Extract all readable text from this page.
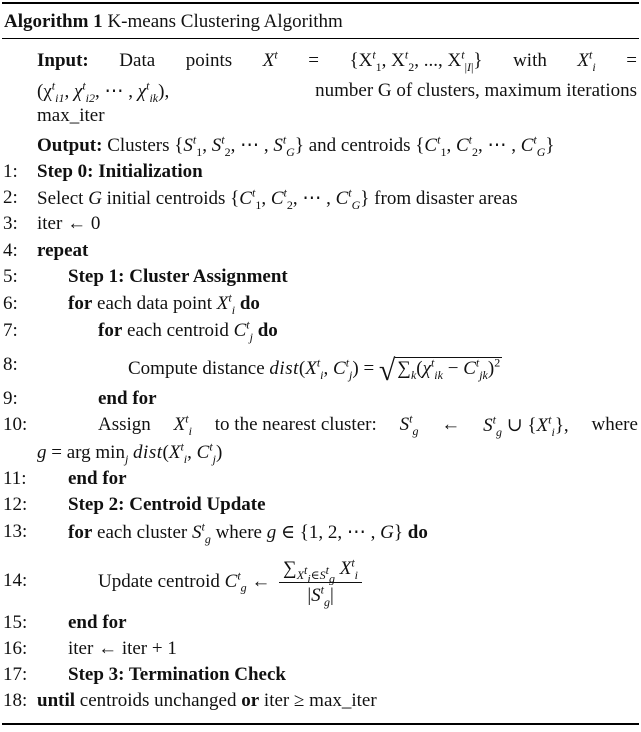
Algorithm 1 K-means Clustering Algorithm
Input: Data points $X^t = \{X^t_1$, $X^t_2$, ..., $X^t_{|I|}$} with $X^t_i$ =
($\chi^t_{i1}$, $\chi^t_{i2}$, ⋯ , $\chi^t_{ik}$),	number G of clusters, maximum iterations
max_iter
Output: Clusters {$S^t_1$, $S^t_2$, ⋯ , $S^t_G$} and centroids {$C^t_1$, $C^t_2$, ⋯ , $C^t_G$}
1:	Step 0: Initialization
2:	Select G initial centroids {$C^t_1$, $C^t_2$, ⋯ , $C^t_G$} from disaster areas
3:	iter ← 0
4:	repeat
5:	Step 1: Cluster Assignment
6:	for each data point $X^t_i$ do
7:	for each centroid $C^t_j$ do
8:	Compute distance $dist(X^t_i$, $C^t_j$) = √ $\sum_k(\chi^t_{ik} - C^t_{jk})^2$
9:	end for
10:	Assign $X^t_i$ to the nearest cluster: $S^t_g$ ← $S^t_g$ ∪ $\{X^t_i\}$, where
g = arg $\min_j$ $dist(X^t_i$, $C^t_j$)
11:	end for
12:	Step 2: Centroid Update
13:	for each cluster $S^t_g$ where g ∈ {1, 2, ⋯ , G} do
14:	Update centroid $C^t_g$ ← $\frac{\sum_{X^t_i\in S^t_g} X^t_i}{|S^t_g|}$
15:	end for
16:	iter ← iter + 1
17:	Step 3: Termination Check
18: until centroids unchanged or iter ≥ max_iter
